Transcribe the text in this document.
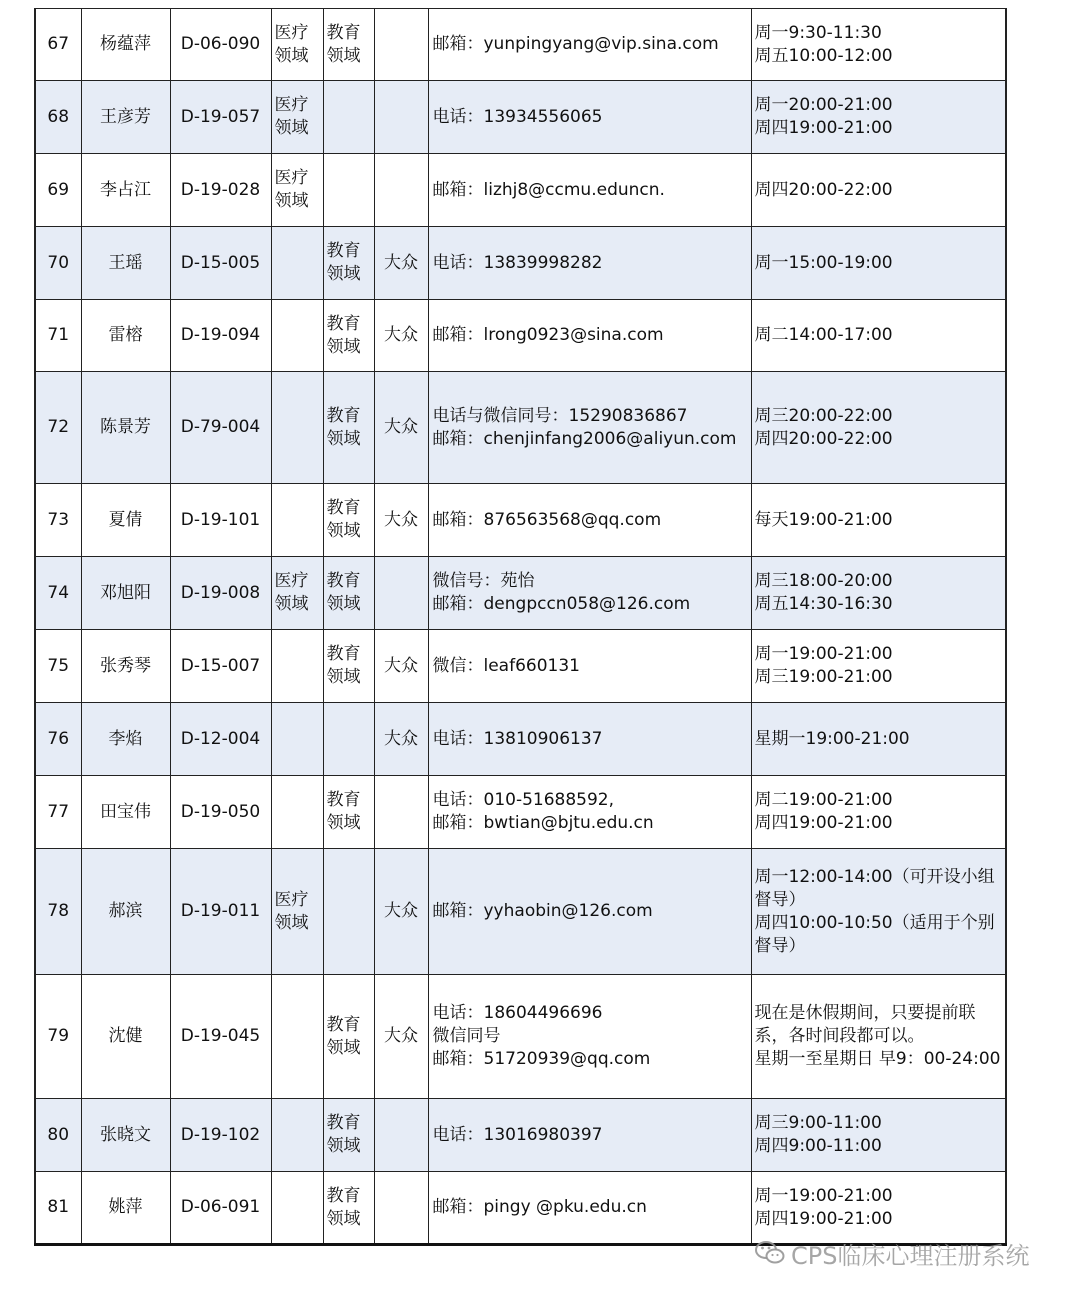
67	杨蕴萍	D-06-090	医疗
领域	教育
领域		邮箱：yunpingyang@vip.sina.com	周一9:30-11:30
周五10:00-12:00

68	王彦芳	D-19-057	医疗
领域			电话：13934556065	周一20:00-21:00
周四19:00-21:00

69	李占江	D-19-028	医疗
领域			邮箱：lizhj8@ccmu.eduncn.	周四20:00-22:00

70	王瑶	D-15-005		教育
领域	大众	电话：13839998282	周一15:00-19:00

71	雷榕	D-19-094		教育
领域	大众	邮箱：lrong0923@sina.com	周二14:00-17:00

72	陈景芳	D-79-004		教育
领域	大众	电话与微信同号：15290836867
邮箱：chenjinfang2006@aliyun.com	周三20:00-22:00
周四20:00-22:00

73	夏倩	D-19-101		教育
领域	大众	邮箱：876563568@qq.com	每天19:00-21:00

74	邓旭阳	D-19-008	医疗
领域	教育
领域		微信号：苑怡
邮箱：dengpccn058@126.com	周三18:00-20:00
周五14:30-16:30

75	张秀琴	D-15-007		教育
领域	大众	微信：leaf660131	周一19:00-21:00
周三19:00-21:00

76	李焰	D-12-004			大众	电话：13810906137	星期一19:00-21:00

77	田宝伟	D-19-050		教育
领域		电话：010-51688592,
邮箱：bwtian@bjtu.edu.cn	周二19:00-21:00
周四19:00-21:00

78	郝滨	D-19-011	医疗
领域		大众	邮箱：yyhaobin@126.com	周一12:00-14:00（可开设小组督导）
周四10:00-10:50（适用于个别督导）

79	沈健	D-19-045		教育
领域	大众	电话：18604496696
微信同号
邮箱：51720939@qq.com	现在是休假期间，只要提前联系，各时间段都可以。
星期一至星期日 早9：00-24:00

80	张晓文	D-19-102		教育
领域		电话：13016980397	周三9:00-11:00
周四9:00-11:00

81	姚萍	D-06-091		教育
领域		邮箱：pingy @pku.edu.cn	周一19:00-21:00
周四19:00-21:00
CPS临床心理注册系统
